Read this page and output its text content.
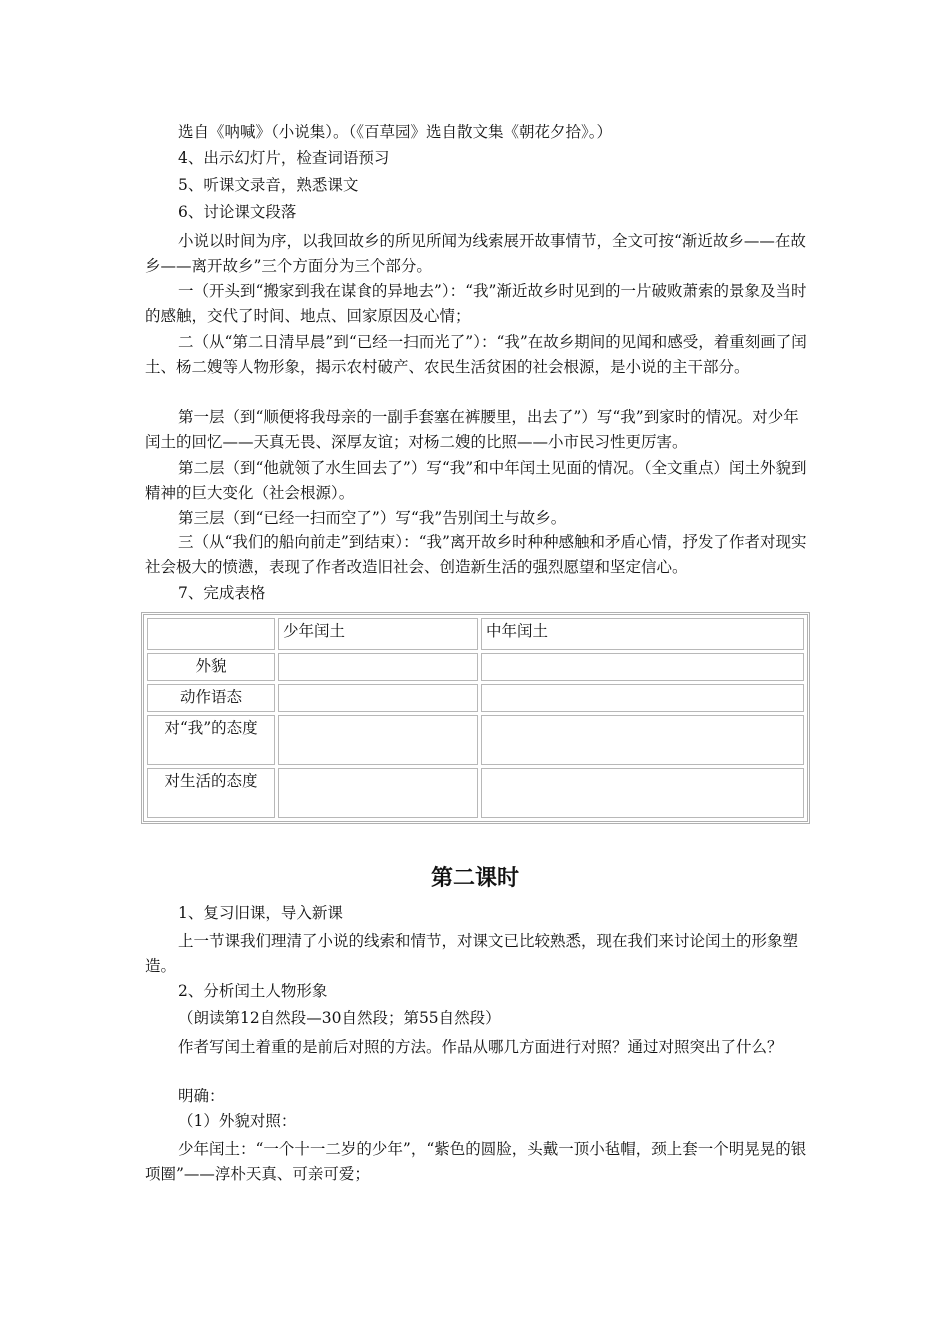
选自《呐喊》（小说集）。（《百草园》选自散文集《朝花夕拾》。）

4、出示幻灯片，检查词语预习

5、听课文录音，熟悉课文

6、讨论课文段落

小说以时间为序，以我回故乡的所见所闻为线索展开故事情节，全文可按“渐近故乡——在故乡——离开故乡”三个方面分为三个部分。

一（开头到“搬家到我在谋食的异地去”）：“我”渐近故乡时见到的一片破败萧索的景象及当时的感触，交代了时间、地点、回家原因及心情；

二（从“第二日清早晨”到“已经一扫而光了”）：“我”在故乡期间的见闻和感受，着重刻画了闰土、杨二嫂等人物形象，揭示农村破产、农民生活贫困的社会根源，是小说的主干部分。

第一层（到“顺便将我母亲的一副手套塞在裤腰里，出去了”）写“我”到家时的情况。对少年闰土的回忆——天真无畏、深厚友谊；对杨二嫂的比照——小市民习性更厉害。

第二层（到“他就领了水生回去了”）写“我”和中年闰土见面的情况。（全文重点）闰土外貌到精神的巨大变化（社会根源）。

第三层（到“已经一扫而空了”）写“我”告别闰土与故乡。

三（从“我们的船向前走”到结束）：“我”离开故乡时种种感触和矛盾心情，抒发了作者对现实社会极大的愤懑，表现了作者改造旧社会、创造新生活的强烈愿望和坚定信心。

7、完成表格

	少年闰土	中年闰土
外貌		
动作语态		
对“我”的态度		
对生活的态度		
第二课时

1、复习旧课，导入新课

上一节课我们理清了小说的线索和情节，对课文已比较熟悉，现在我们来讨论闰土的形象塑造。

2、分析闰土人物形象

（朗读第12自然段—30自然段；第55自然段）

作者写闰土着重的是前后对照的方法。作品从哪几方面进行对照？通过对照突出了什么？

明确：

（1）外貌对照：

少年闰土：“一个十一二岁的少年”，“紫色的圆脸，头戴一顶小毡帽，颈上套一个明晃晃的银项圈”——淳朴天真、可亲可爱；
